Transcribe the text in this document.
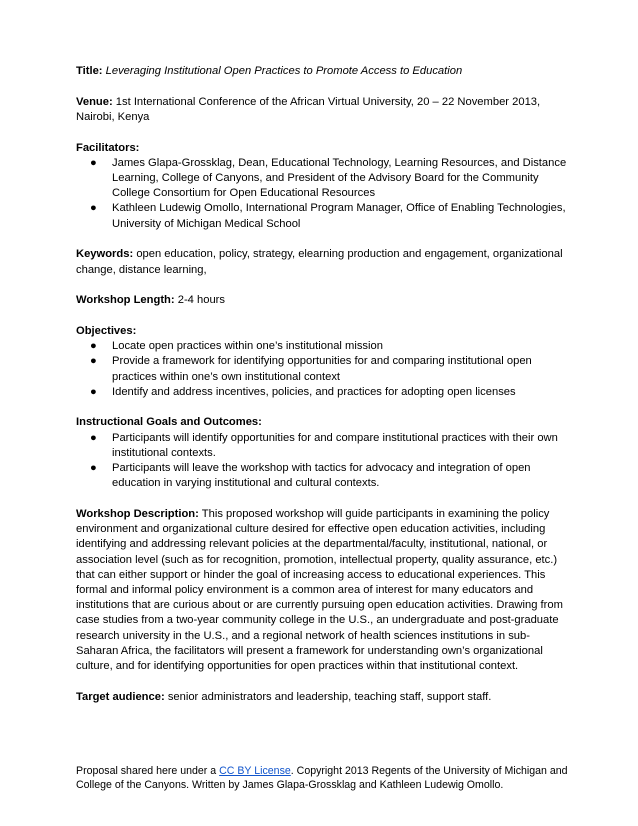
Title: Leveraging Institutional Open Practices to Promote Access to Education

Venue: 1st International Conference of the African Virtual University, 20 – 22 November 2013, Nairobi, Kenya

Facilitators:

● James Glapa-Grossklag, Dean, Educational Technology, Learning Resources, and Distance Learning, College of Canyons, and President of the Advisory Board for the Community College Consortium for Open Educational Resources
● Kathleen Ludewig Omollo, International Program Manager, Office of Enabling Technologies, University of Michigan Medical School

Keywords: open education, policy, strategy, elearning production and engagement, organizational change, distance learning,

Workshop Length: 2-4 hours

Objectives:

● Locate open practices within one’s institutional mission
● Provide a framework for identifying opportunities for and comparing institutional open practices within one’s own institutional context
● Identify and address incentives, policies, and practices for adopting open licenses

Instructional Goals and Outcomes:

● Participants will identify opportunities for and compare institutional practices with their own institutional contexts.
● Participants will leave the workshop with tactics for advocacy and integration of open education in varying institutional and cultural contexts.

Workshop Description: This proposed workshop will guide participants in examining the policy environment and organizational culture desired for effective open education activities, including identifying and addressing relevant policies at the departmental/faculty, institutional, national, or association level (such as for recognition, promotion, intellectual property, quality assurance, etc.) that can either support or hinder the goal of increasing access to educational experiences. This formal and informal policy environment is a common area of interest for many educators and institutions that are curious about or are currently pursuing open education activities. Drawing from case studies from a two-year community college in the U.S., an undergraduate and post-graduate research university in the U.S., and a regional network of health sciences institutions in sub-Saharan Africa, the facilitators will present a framework for understanding own’s organizational culture, and for identifying opportunities for open practices within that institutional context.

Target audience: senior administrators and leadership, teaching staff, support staff.

Proposal shared here under a CC BY License. Copyright 2013 Regents of the University of Michigan and College of the Canyons. Written by James Glapa-Grossklag and Kathleen Ludewig Omollo.
